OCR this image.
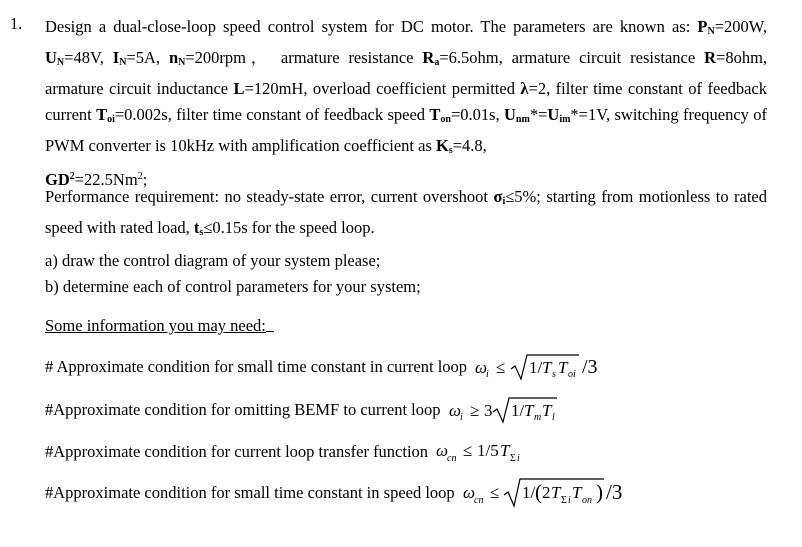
1. Design a dual-close-loop speed control system for DC motor. The parameters are known as: $P_N=200W$, $U_N=48V$, $I_N=5A$, $n_N=200rpm$， armature resistance $R_a=6.5ohm$, armature circuit resistance R=8ohm, armature circuit inductance L=120mH, overload coefficient permitted λ=2, filter time constant of feedback current $T_{oi}=0.002s$, filter time constant of feedback speed $T_{on}=0.01s$, $U_{nm}*=U_{im}*=1V$, switching frequency of PWM converter is 10kHz with amplification coefficient as $K_s=4.8$,
$GD^2=22.5Nm^2$;
Performance requirement: no steady-state error, current overshoot $\sigma_i\le 5\%$; starting from motionless to rated speed with rated load, $t_s\le 0.15s$ for the speed loop.
a) draw the control diagram of your system please;
b) determine each of control parameters for your system;
Some information you may need:
# Approximate condition for small time constant in current loop ω
i ≤ 1/ T s T oi /3
#Approximate condition for omitting BEMF to current loop ω
i ≥ 3 1/ T m T l
#Approximate condition for current loop transfer function ω
cn ≤ 1/5 T Σ i
#Approximate condition for small time constant in speed loop ω
cn ≤ 1/ ( 2 T Σ i T on ) /3
